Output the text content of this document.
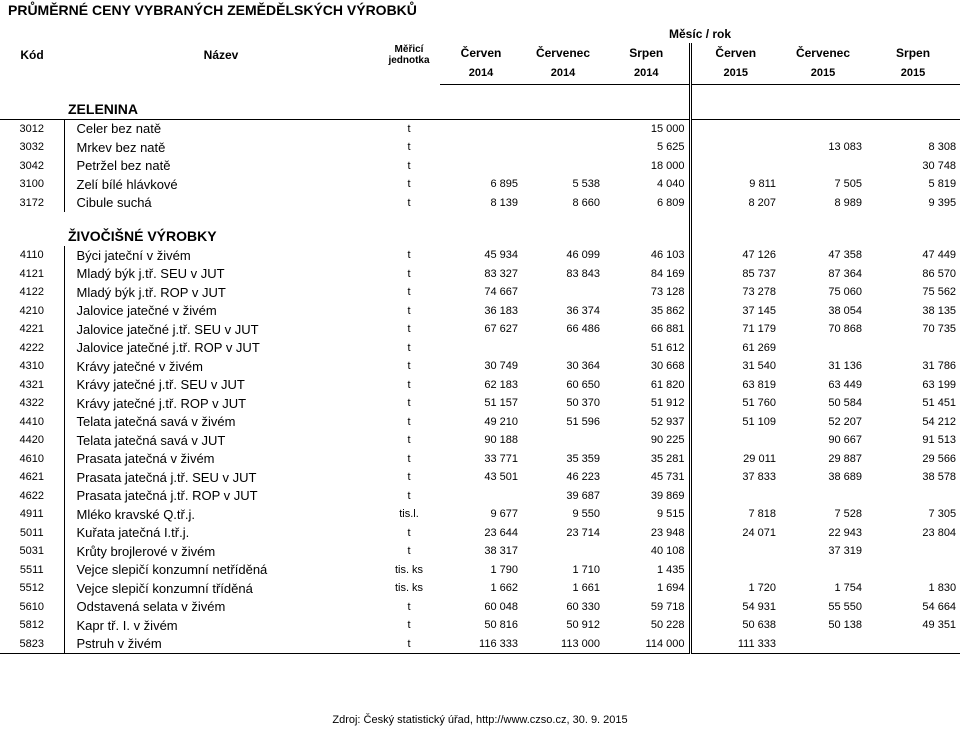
PRŮMĚRNÉ CENY VYBRANÝCH ZEMĚDĚLSKÝCH VÝROBKŮ
Kód	Název	Měřicí
jednotka	Měsíc / rok					
			Červen	Červenec	Srpen	Červen	Červenec	Srpen
			2014	2014	2014	2015	2015	2015
	ZELENINA							
3012	Celer bez natě	t			15 000			
3032	Mrkev bez natě	t			5 625		13 083	8 308
3042	Petržel bez natě	t			18 000			30 748
3100	Zelí bílé hlávkové	t	6 895	5 538	4 040	9 811	7 505	5 819
3172	Cibule suchá	t	8 139	8 660	6 809	8 207	8 989	9 395
	ŽIVOČIŠNÉ VÝROBKY							
4110	Býci jateční v živém	t	45 934	46 099	46 103	47 126	47 358	47 449
4121	Mladý býk j.tř. SEU v JUT	t	83 327	83 843	84 169	85 737	87 364	86 570
4122	Mladý býk j.tř. ROP v JUT	t	74 667		73 128	73 278	75 060	75 562
4210	Jalovice jatečné v živém	t	36 183	36 374	35 862	37 145	38 054	38 135
4221	Jalovice jatečné j.tř. SEU v JUT	t	67 627	66 486	66 881	71 179	70 868	70 735
4222	Jalovice jatečné j.tř. ROP v JUT	t			51 612	61 269		
4310	Krávy jatečné v živém	t	30 749	30 364	30 668	31 540	31 136	31 786
4321	Krávy jatečné j.tř. SEU v JUT	t	62 183	60 650	61 820	63 819	63 449	63 199
4322	Krávy jatečné j.tř. ROP v JUT	t	51 157	50 370	51 912	51 760	50 584	51 451
4410	Telata jatečná savá v živém	t	49 210	51 596	52 937	51 109	52 207	54 212
4420	Telata jatečná savá v JUT	t	90 188		90 225		90 667	91 513
4610	Prasata jatečná v živém	t	33 771	35 359	35 281	29 011	29 887	29 566
4621	Prasata jatečná j.tř. SEU v JUT	t	43 501	46 223	45 731	37 833	38 689	38 578
4622	Prasata jatečná j.tř. ROP v JUT	t		39 687	39 869			
4911	Mléko kravské Q.tř.j.	tis.l.	9 677	9 550	9 515	7 818	7 528	7 305
5011	Kuřata jatečná I.tř.j.	t	23 644	23 714	23 948	24 071	22 943	23 804
5031	Krůty brojlerové v živém	t	38 317		40 108		37 319	
5511	Vejce slepičí konzumní netříděná	tis. ks	1 790	1 710	1 435			
5512	Vejce slepičí konzumní tříděná	tis. ks	1 662	1 661	1 694	1 720	1 754	1 830
5610	Odstavená selata v živém	t	60 048	60 330	59 718	54 931	55 550	54 664
5812	Kapr tř. I. v živém	t	50 816	50 912	50 228	50 638	50 138	49 351
5823	Pstruh v živém	t	116 333	113 000	114 000	111 333		
Zdroj: Český statistický úřad, http://www.czso.cz, 30. 9. 2015
